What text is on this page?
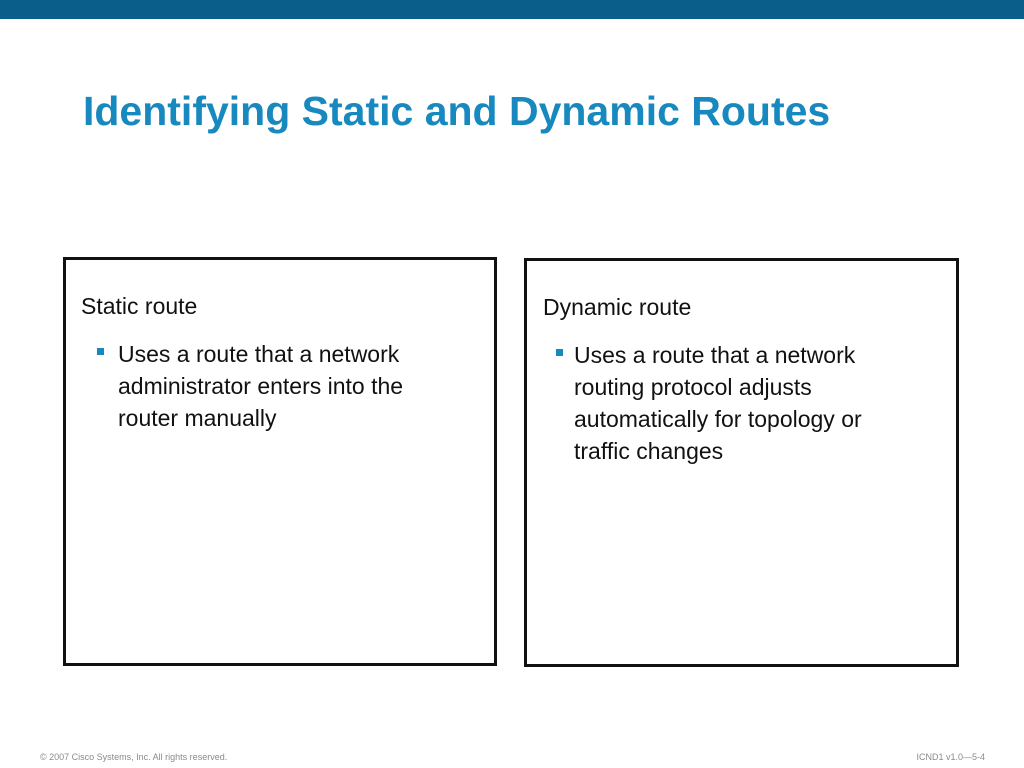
Identifying Static and Dynamic Routes
Static route
Uses a route that a network
administrator enters into the
router manually
Dynamic route
Uses a route that a network
routing protocol adjusts
automatically for topology or
traffic changes
© 2007 Cisco Systems, Inc. All rights reserved.	ICND1 v1.0—5-4
